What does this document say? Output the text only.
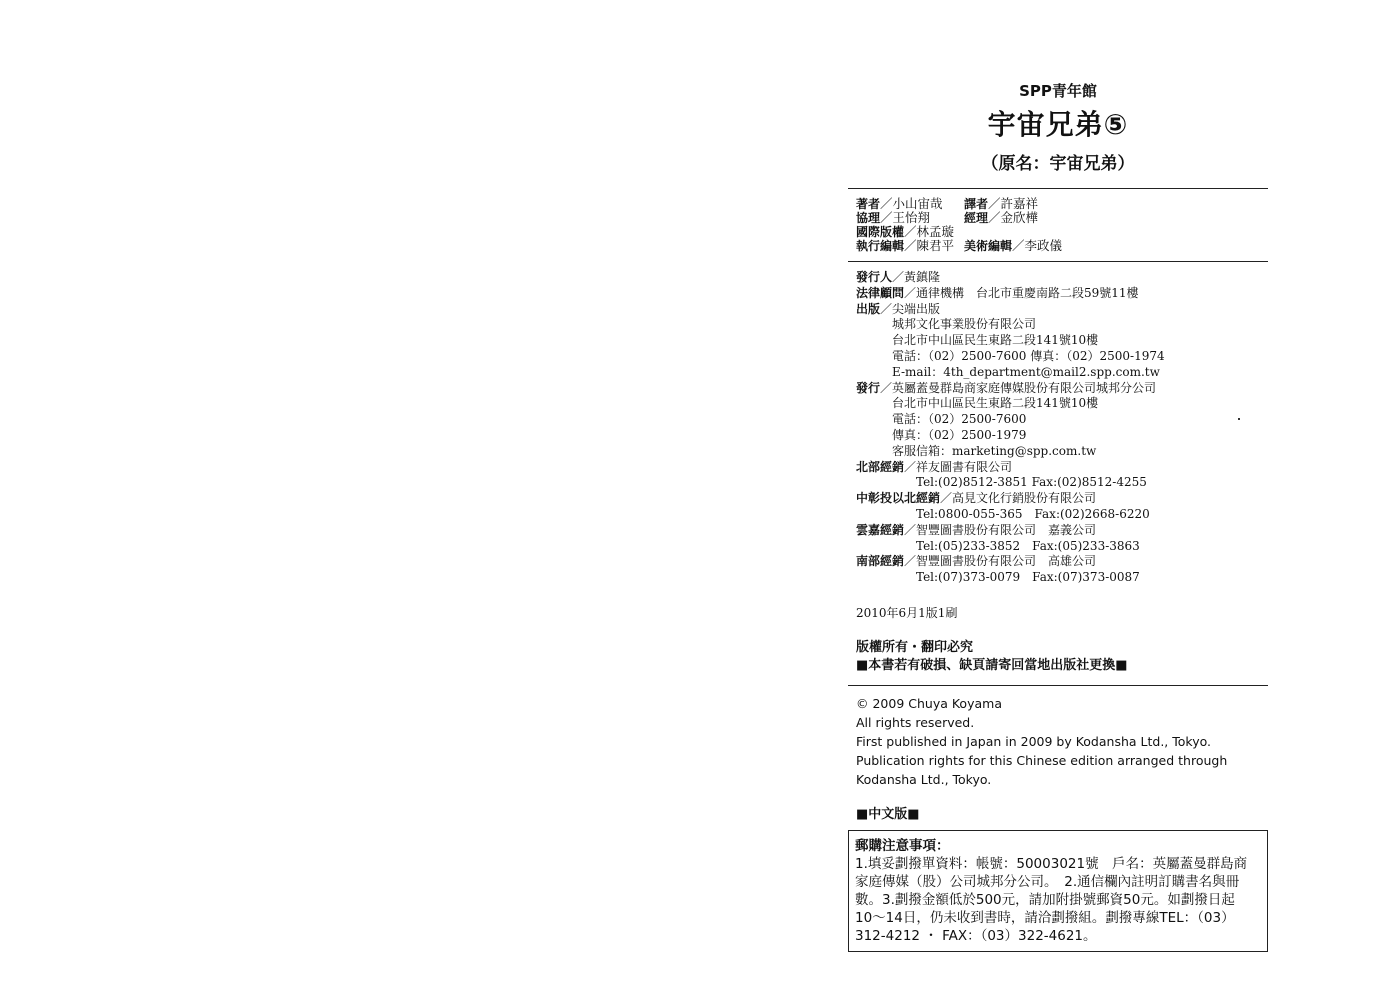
SPP青年館
宇宙兄弟⑤
（原名：宇宙兄弟）
著者／小山宙哉	譯者／許嘉祥
協理／王怡翔	經理／金欣樺
國際版權／林孟璇
執行編輯／陳君平 美術編輯／李政儀
發行人／黃鎮隆
法律顧問／通律機構　台北市重慶南路二段59號11樓
出版／尖端出版
城邦文化事業股份有限公司
台北市中山區民生東路二段141號10樓
電話：（02）2500-7600 傳真：（02）2500-1974
E-mail：4th_department@mail2.spp.com.tw
發行／英屬蓋曼群島商家庭傳媒股份有限公司城邦分公司
台北市中山區民生東路二段141號10樓
電話：（02）2500-7600
傳真：（02）2500-1979
客服信箱：marketing@spp.com.tw
北部經銷／祥友圖書有限公司
Tel:(02)8512-3851 Fax:(02)8512-4255
中彰投以北經銷／高見文化行銷股份有限公司
Tel:0800-055-365　Fax:(02)2668-6220
雲嘉經銷／智豐圖書股份有限公司　嘉義公司
Tel:(05)233-3852　Fax:(05)233-3863
南部經銷／智豐圖書股份有限公司　高雄公司
Tel:(07)373-0079　Fax:(07)373-0087
2010年6月1版1刷
版權所有・翻印必究
■本書若有破損、缺頁請寄回當地出版社更換■
© 2009 Chuya Koyama
All rights reserved.
First published in Japan in 2009 by Kodansha Ltd., Tokyo.
Publication rights for this Chinese edition arranged through
Kodansha Ltd., Tokyo.
■中文版■
郵購注意事項：
1.填妥劃撥單資料：帳號：50003021號　戶名：英屬蓋曼群島商
家庭傳媒（股）公司城邦分公司。　2.通信欄內註明訂購書名與冊
數。3.劃撥金額低於500元，請加附掛號郵資50元。如劃撥日起
10～14日，仍未收到書時，請洽劃撥組。劃撥專線TEL：（03）
312-4212 ・ FAX：（03）322-4621。
